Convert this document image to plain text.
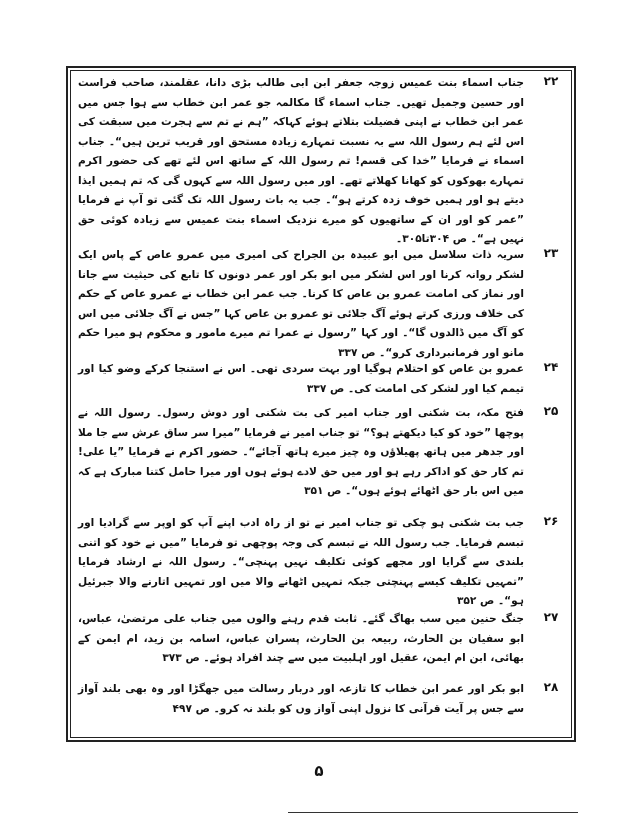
۲۲
جناب اسماء بنت عمیس زوجہ جعفر ابن ابی طالب بڑی دانا، عقلمند، صاحب فراست اور حسین وجمیل تھیں۔ جناب اسماء گا مکالمہ جو عمر ابن خطاب سے ہوا جس میں عمر ابن خطاب نے اپنی فضیلت بتلاتے ہوئے کہاکہ ”ہم نے تم سے ہجرت میں سبقت کی اس لئے ہم رسول اللہ سے بہ نسبت تمہارے زیادہ مستحق اور قریب ترین ہیں“۔ جناب اسماء نے فرمایا ”خدا کی قسم! تم رسول اللہ کے ساتھ اس لئے تھے کی حضور اکرم تمہارے بھوکوں کو کھانا کھلاتے تھے۔ اور میں رسول اللہ سے کہوں گی کہ تم ہمیں ایذا دیتے ہو اور ہمیں خوف زدہ کرتے ہو“۔ جب یہ بات رسول اللہ تک گئی تو آپ نے فرمایا ”عمر کو اور ان کے ساتھیوں کو میرے نزدیک اسماء بنت عمیس سے زیادہ کوئی حق نہیں ہے“۔ ص ۳۰۴تا۳۰۵۔
۲۳
سریہ ذات سلاسل میں ابو عبیدہ بن الجراح کی امیری میں عمرو عاص کے پاس ایک لشکر روانہ کرنا اور اس لشکر میں ابو بکر اور عمر دونوں کا تابع کی حیثیت سے جانا اور نماز کی امامت عمرو بن عاص کا کرنا۔ جب عمر ابن خطاب نے عمرو عاص کے حکم کی خلاف ورزی کرتے ہوئے آگ جلائی تو عمرو بن عاص کہا ”جس نے آگ جلائی میں اس کو آگ میں ڈالدوں گا“۔ اور کہا ”رسول نے عمرا تم میرے مامور و محکوم ہو میرا حکم مانو اور فرمانبرداری کرو“۔ ص ۳۳۷
۲۴
عمرو بن عاص کو احتلام ہوگیا اور بہت سردی تھی۔ اس نے استنجا کرکے وضو کیا اور تیمم کیا اور لشکر کی امامت کی۔ ص ۳۳۷
۲۵
فتح مکہ، بت شکنی اور جناب امیر کی بت شکنی اور دوش رسول۔ رسول اللہ نے پوچھا ”خود کو کیا دیکھتے ہو؟“ تو جناب امیر نے فرمایا ”میرا سر ساق عرش سے جا ملا اور جدھر میں ہاتھ پھیلاؤں وہ چیز میرے ہاتھ آجائے“۔ حضور اکرم نے فرمایا ”یا علی! تم کار حق کو اداکر رہے ہو اور میں حق لادے ہوئے ہوں اور میرا حامل کتنا مبارک ہے کہ میں اس بار حق اٹھائے ہوئے ہوں“۔ ص ۳۵۱
۲۶
جب بت شکنی ہو چکی تو جناب امیر نے تو از راہ ادب اپنے آپ کو اوپر سے گرادیا اور تبسم فرمایا۔ جب رسول اللہ نے تبسم کی وجہ پوچھی تو فرمایا ”میں نے خود کو اتنی بلندی سے گرایا اور مجھے کوئی تکلیف نہیں پہنچی“۔ رسول اللہ نے ارشاد فرمایا ”تمہیں تکلیف کیسے پہنچتی جبکہ تمہیں اٹھانے والا میں اور تمہیں اتارنے والا جبرئیل ہو“۔ ص ۳۵۲
۲۷
جنگ حنین میں سب بھاگ گئے۔ ثابت قدم رہنے والوں میں جناب علی مرتضیٰ، عباس، ابو سفیان بن الحارث، ربیعہ بن الحارث، پسران عباس، اسامہ بن زید، ام ایمن کے بھائی، ابن ام ایمن، عقیل اور اہلبیت میں سے چند افراد ہوئے۔ ص ۳۷۳
۲۸
ابو بکر اور عمر ابن خطاب کا تازعہ اور دربار رسالت میں جھگڑا اور وہ بھی بلند آواز سے جس پر آیت قرآنی کا نزول اپنی آواز وں کو بلند نہ کرو۔ ص ۴۹۷
۵
